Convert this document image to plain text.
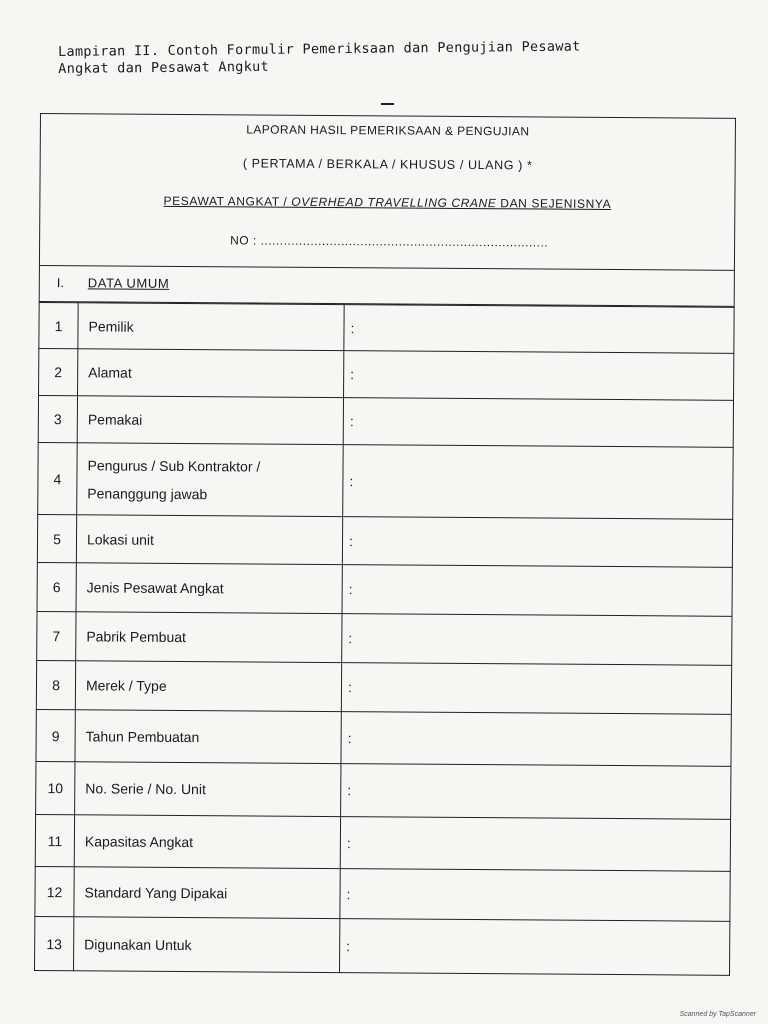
Lampiran II. Contoh Formulir Pemeriksaan dan Pengujian Pesawat
Angkat dan Pesawat Angkut
LAPORAN HASIL PEMERIKSAAN & PENGUJIAN
( PERTAMA / BERKALA / KHUSUS / ULANG ) *
PESAWAT ANGKAT / OVERHEAD TRAVELLING CRANE DAN SEJENISNYA
NO : ...........................................................................
I. DATA UMUM
1	Pemilik	:
2	Alamat	:
3	Pemakai	:
4	Pengurus / Sub Kontraktor /
Penanggung jawab	:
5	Lokasi unit	:
6	Jenis Pesawat Angkat	:
7	Pabrik Pembuat	:
8	Merek / Type	:
9	Tahun Pembuatan	:
10	No. Serie / No. Unit	:
11	Kapasitas Angkat	:
12	Standard Yang Dipakai	:
13	Digunakan Untuk	:
Scanned by TapScanner
